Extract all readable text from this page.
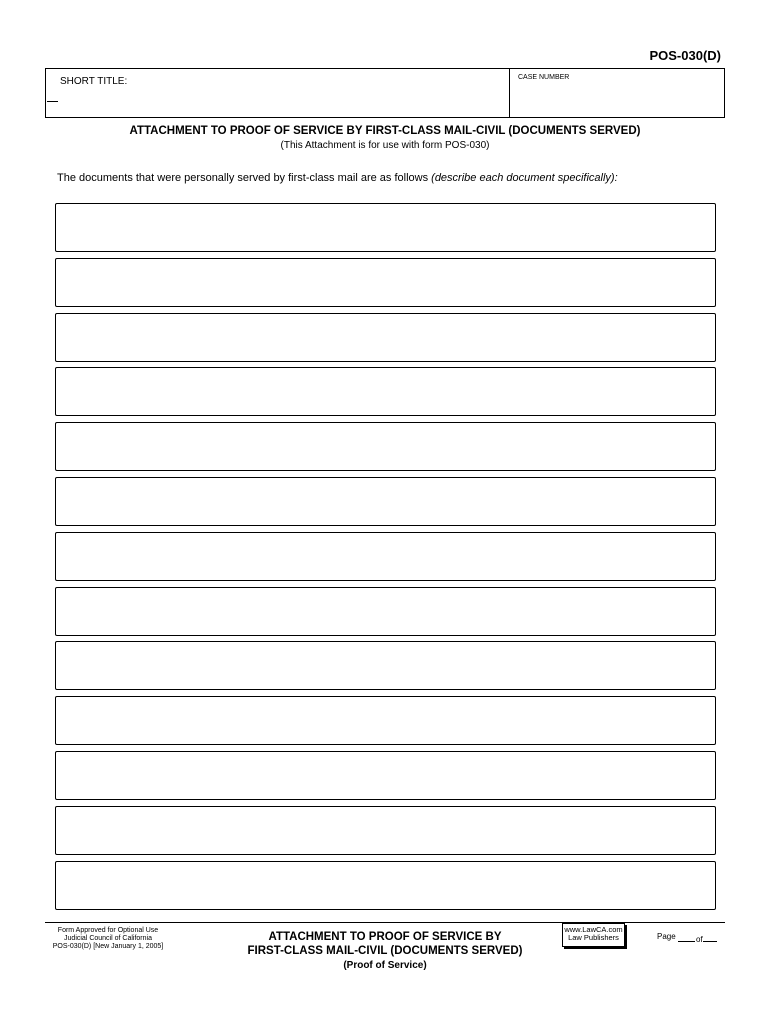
POS-030(D)
SHORT TITLE:	CASE NUMBER
ATTACHMENT TO PROOF OF SERVICE BY FIRST-CLASS MAIL-CIVIL (DOCUMENTS SERVED)
(This Attachment is for use with form POS-030)
The documents that were personally served by first-class mail are as follows (describe each document specifically):
Form Approved for Optional Use
Judicial Council of California
POS-030(D) [New January 1, 2005]
ATTACHMENT TO PROOF OF SERVICE BY
FIRST-CLASS MAIL-CIVIL (DOCUMENTS SERVED)
(Proof of Service)
www.LawCA.com
Law Publishers	Page	of
